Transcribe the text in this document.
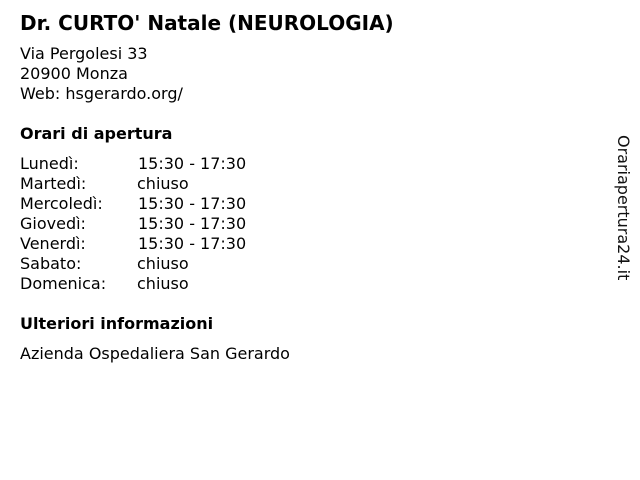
Dr. CURTO' Natale (NEUROLOGIA)
Via Pergolesi 33
20900 Monza
Web: hsgerardo.org/
Orari di apertura
Lunedì:	15:30 - 17:30
Martedì:	chiuso
Mercoledì: 15:30 - 17:30
Giovedì:	15:30 - 17:30
Venerdì:	15:30 - 17:30
Sabato:	chiuso
Domenica: chiuso
Ulteriori informazioni
Azienda Ospedaliera San Gerardo
Orariapertura24.it
